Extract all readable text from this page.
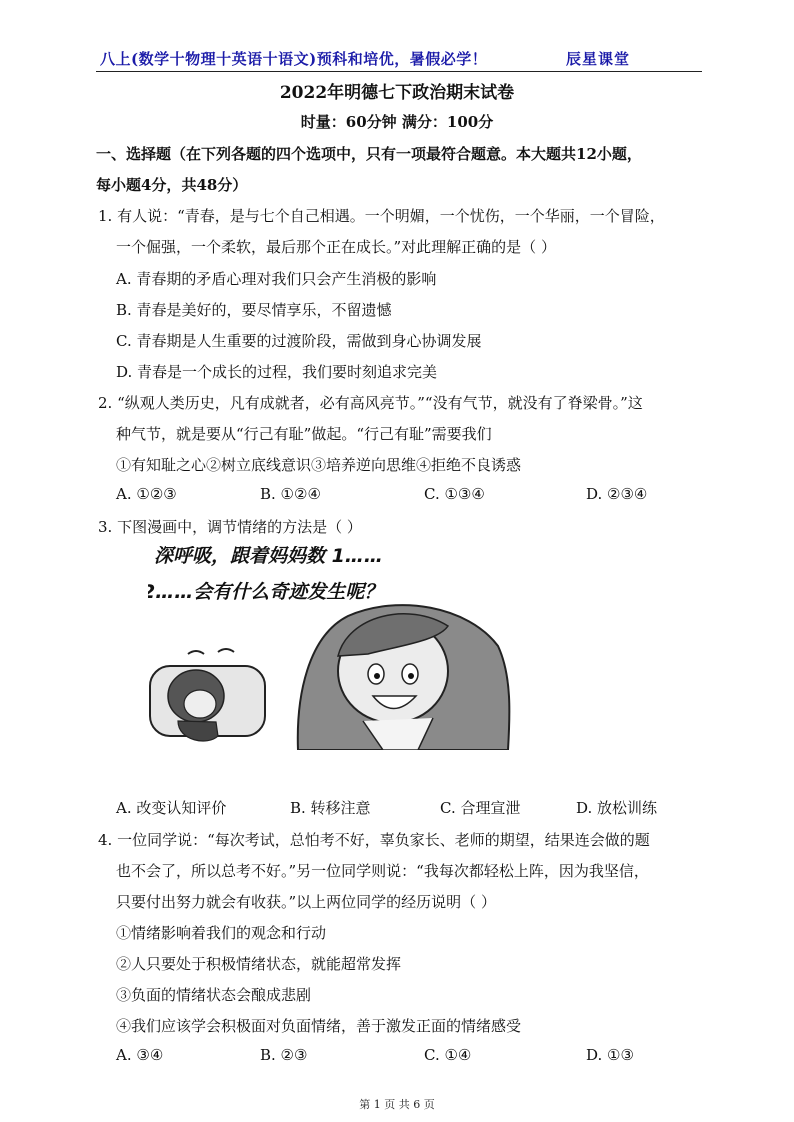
八上(数学十物理十英语十语文)预科和培优，暑假必学！	辰星课堂
2022年明德七下政治期末试卷
时量：60分钟 满分：100分
一、选择题（在下列各题的四个选项中，只有一项最符合题意。本大题共12小题，
每小题4分，共48分）
1. 有人说：“青春，是与七个自己相遇。一个明媚，一个忧伤，一个华丽，一个冒险，
一个倔强，一个柔软，最后那个正在成长。”对此理解正确的是（ ）
A. 青春期的矛盾心理对我们只会产生消极的影响
B. 青春是美好的，要尽情享乐，不留遗憾
C. 青春期是人生重要的过渡阶段，需做到身心协调发展
D. 青春是一个成长的过程，我们要时刻追求完美
2. “纵观人类历史，凡有成就者，必有高风亮节。”“没有气节，就没有了脊梁骨。”这
种气节，就是要从“行己有耻”做起。“行己有耻”需要我们
①有知耻之心②树立底线意识③培养逆向思维④拒绝不良诱惑
A. ①②③	B. ①②④	C. ①③④	D. ②③④
3. 下图漫画中，调节情绪的方法是（ ）
深呼吸，跟着妈妈数 1……
2……会有什么奇迹发生呢？
A. 改变认知评价	B. 转移注意	C. 合理宣泄	D. 放松训练
4. 一位同学说：“每次考试，总怕考不好，辜负家长、老师的期望，结果连会做的题
也不会了，所以总考不好。”另一位同学则说：“我每次都轻松上阵，因为我坚信，
只要付出努力就会有收获。”以上两位同学的经历说明（ ）
①情绪影响着我们的观念和行动
②人只要处于积极情绪状态，就能超常发挥
③负面的情绪状态会酿成悲剧
④我们应该学会积极面对负面情绪，善于激发正面的情绪感受
A. ③④	B. ②③	C. ①④	D. ①③
第 1 页 共 6 页
